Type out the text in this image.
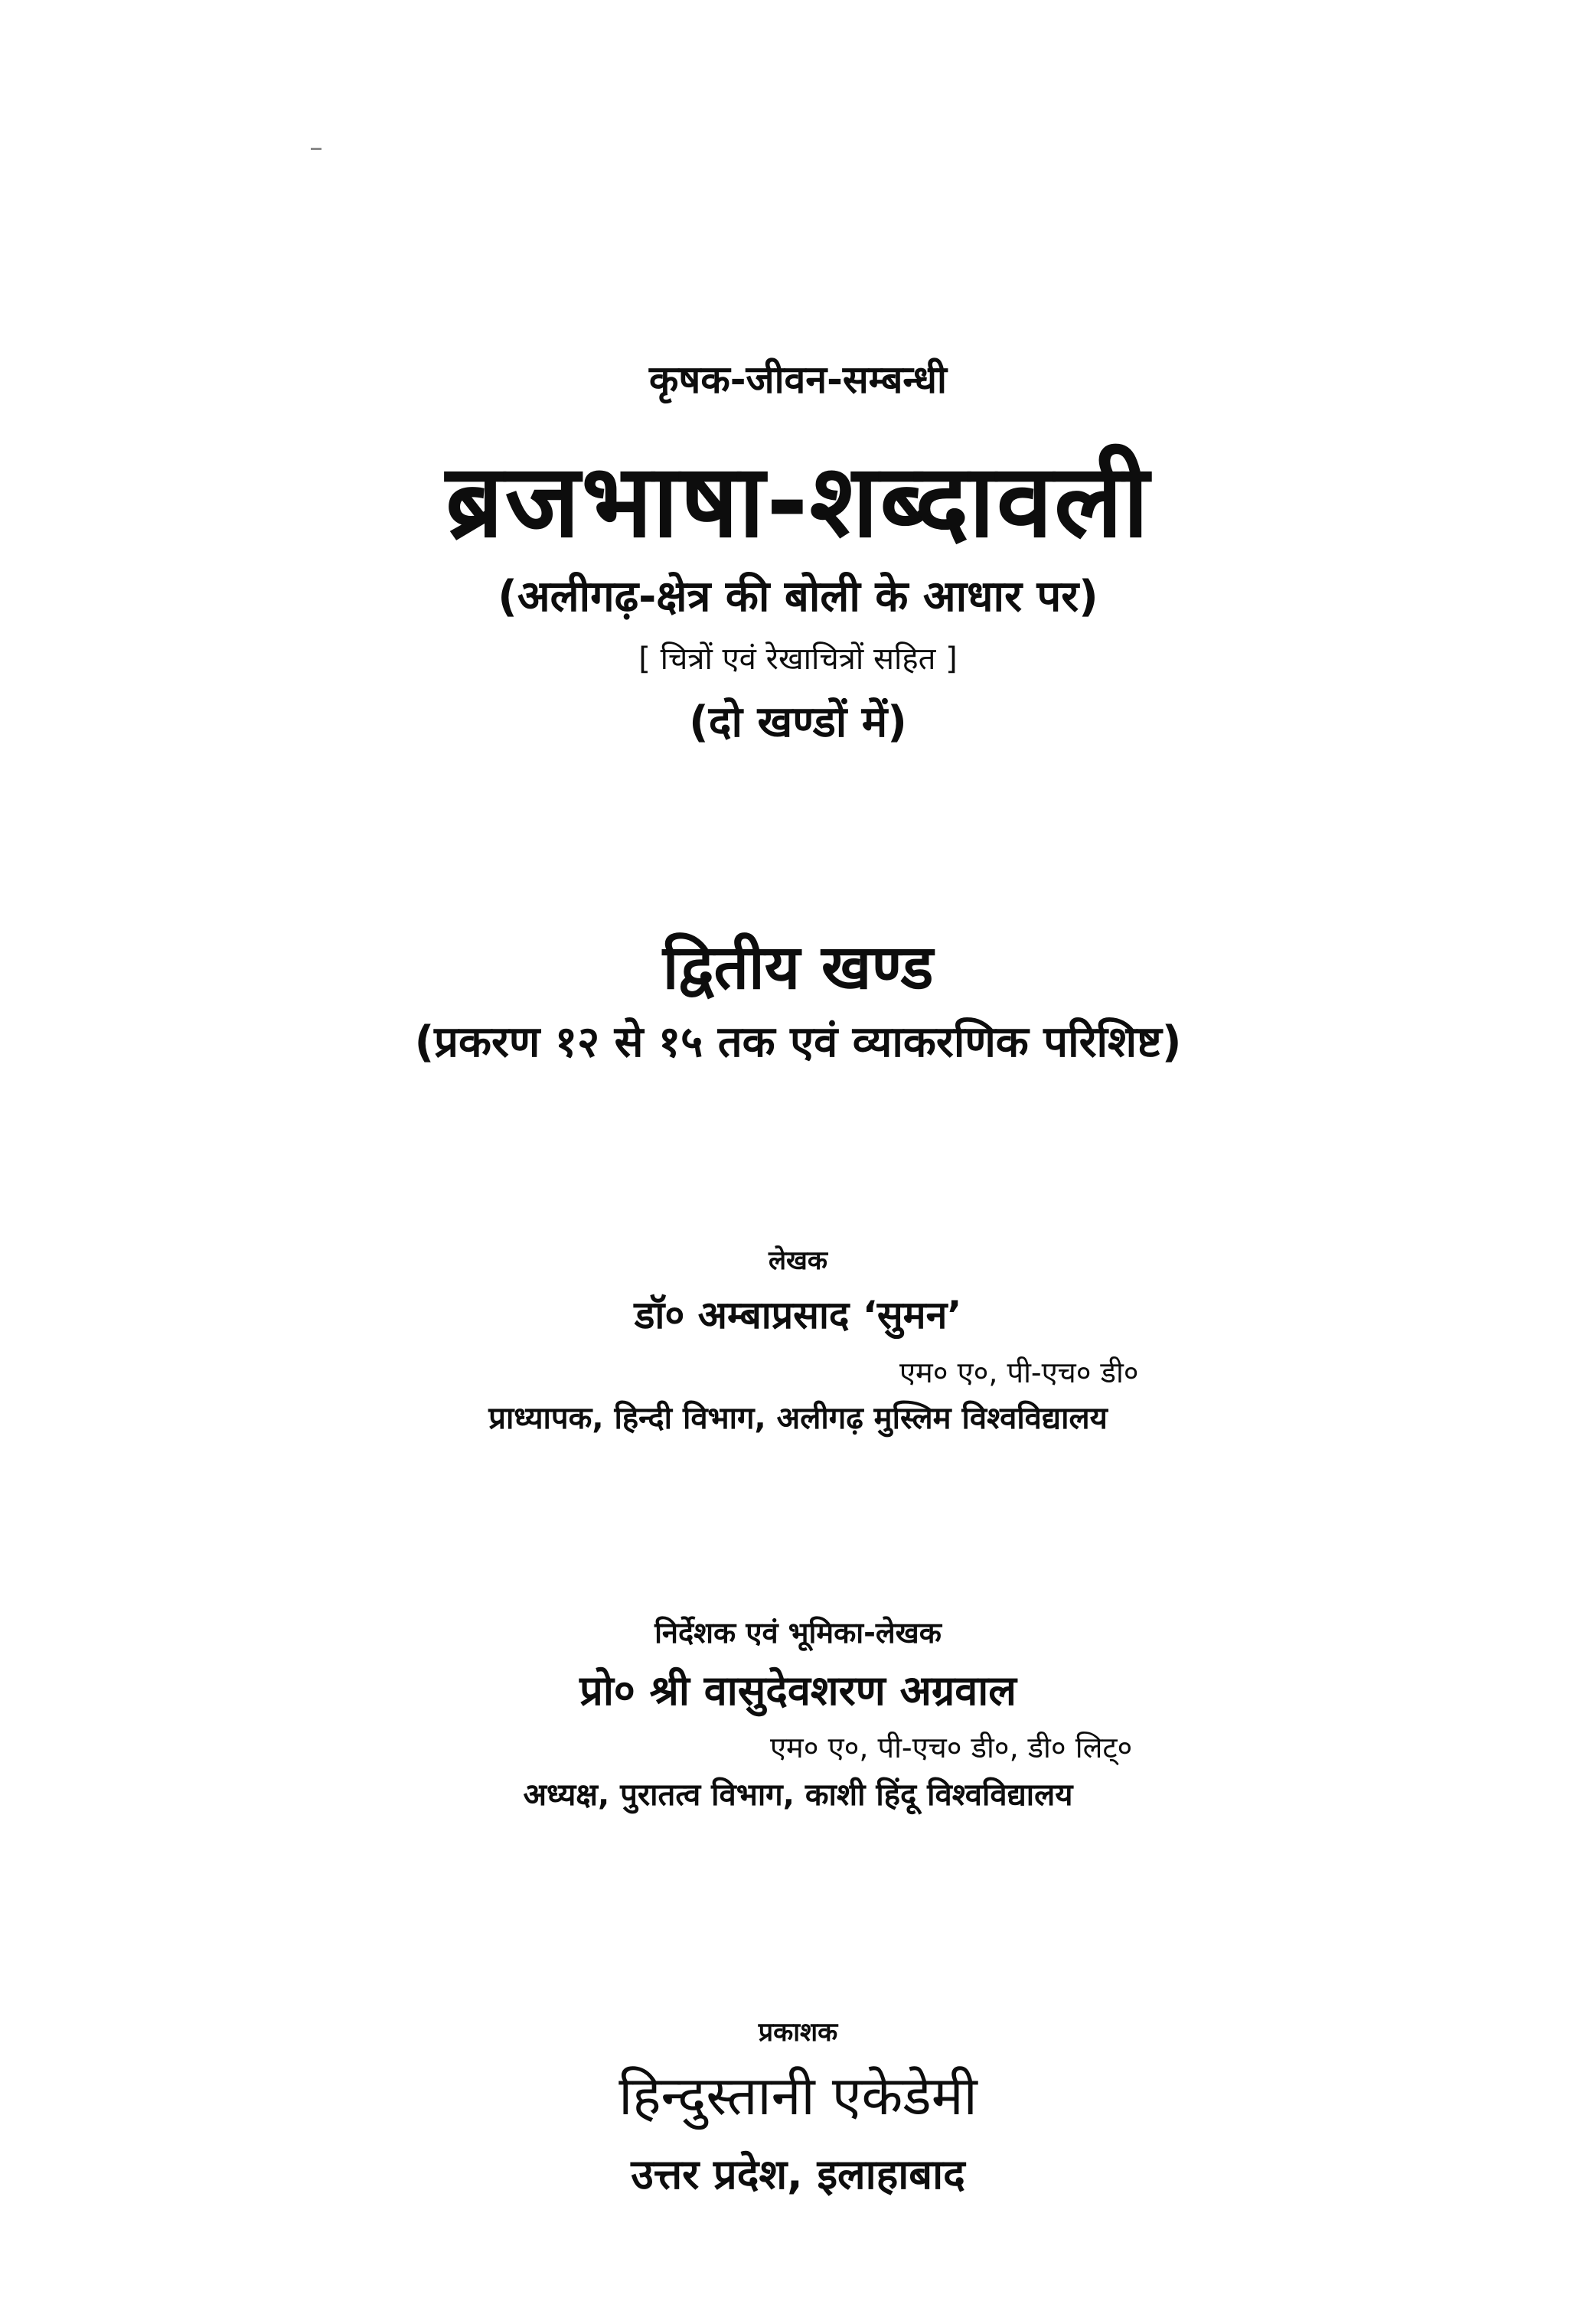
कृषक-जीवन-सम्बन्धी
ब्रजभाषा-शब्दावली
(अलीगढ़-क्षेत्र की बोली के आधार पर)
[ चित्रों एवं रेखाचित्रों सहित ]
(दो खण्डों में)
द्वितीय खण्ड
(प्रकरण १२ से १५ तक एवं व्याकरणिक परिशिष्ट)
लेखक
डॉ० अम्बाप्रसाद ‘सुमन’
एम० ए०, पी-एच० डी०
प्राध्यापक, हिन्दी विभाग, अलीगढ़ मुस्लिम विश्वविद्यालय
निर्देशक एवं भूमिका-लेखक
प्रो० श्री वासुदेवशरण अग्रवाल
एम० ए०, पी-एच० डी०, डी० लिट्०
अध्यक्ष, पुरातत्व विभाग, काशी हिंदू विश्वविद्यालय
प्रकाशक
हिन्दुस्तानी एकेडेमी
उत्तर प्रदेश, इलाहाबाद
